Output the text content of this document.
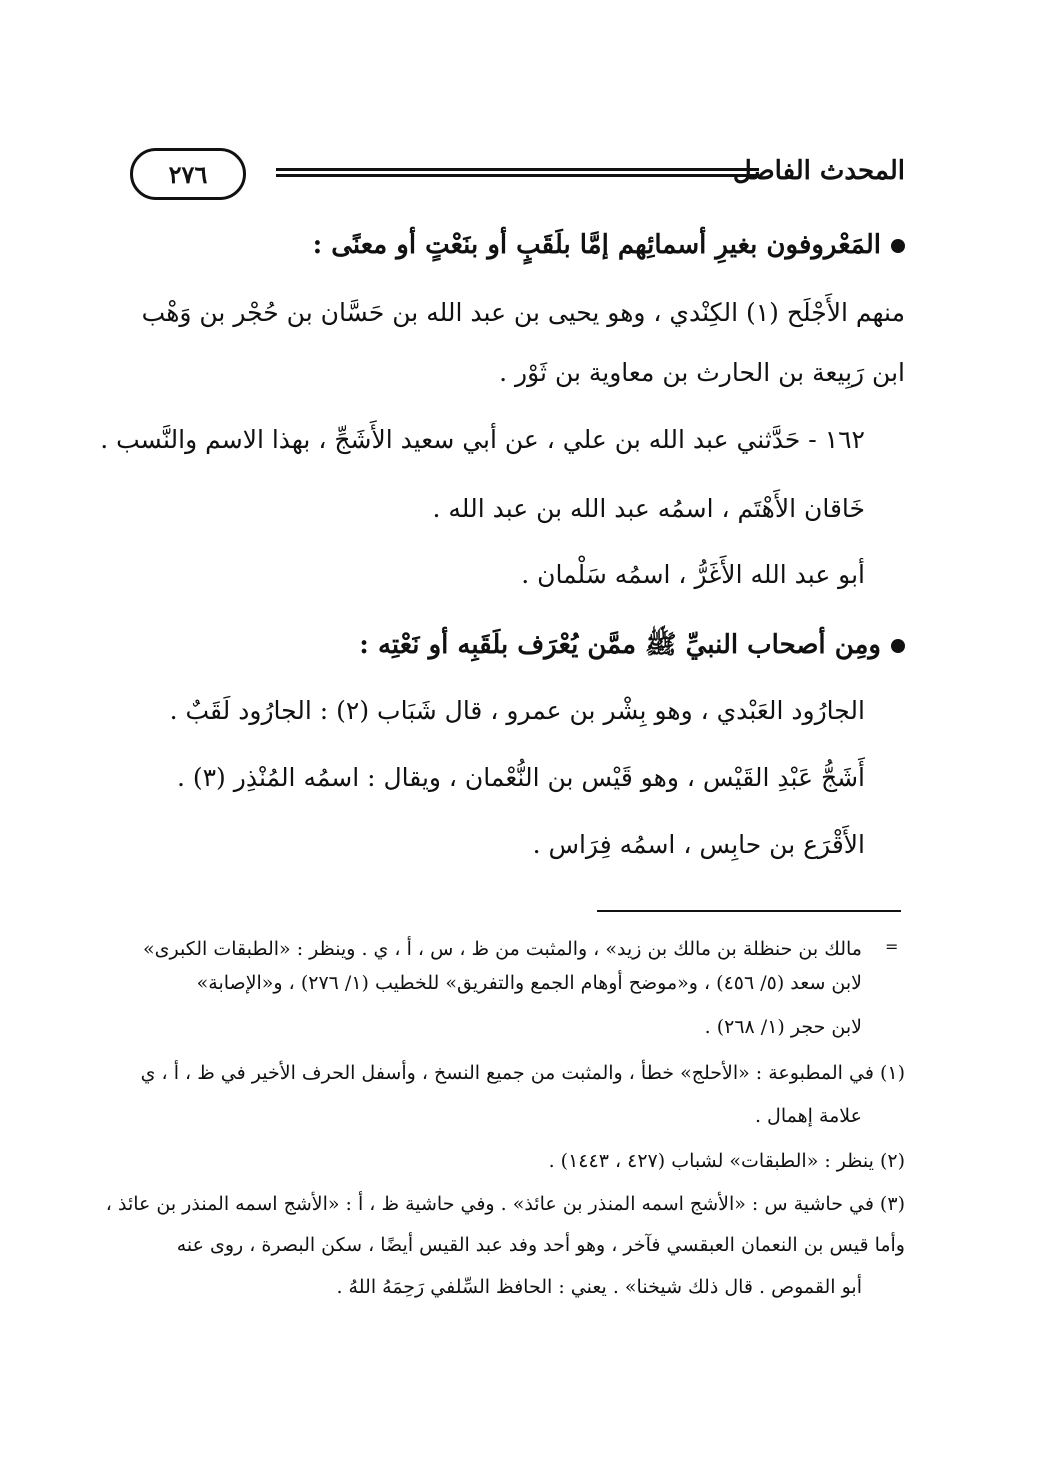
٢٧٦	المحدث الفاصل
المَعْروفون بغيرِ أسمائِهم إمَّا بلَقَبٍ أو بنَعْتٍ أو معنًى :
منهم الأَجْلَح (١) الكِنْدي ، وهو يحيى بن عبد الله بن حَسَّان بن حُجْر بن وَهْب
ابن رَبِيعة بن الحارث بن معاوية بن ثَوْر .
١٦٢ - حَدَّثني عبد الله بن علي ، عن أبي سعيد الأَشَجِّ ، بهذا الاسم والنَّسب .
خَاقان الأَهْتَم ، اسمُه عبد الله بن عبد الله .
أبو عبد الله الأَغَرُّ ، اسمُه سَلْمان .
ومِن أصحاب النبيِّ ﷺ ممَّن يُعْرَف بلَقَبِه أو نَعْتِه :
الجارُود العَبْدي ، وهو بِشْر بن عمرو ، قال شَبَاب (٢) : الجارُود لَقَبٌ .
أَشَجُّ عَبْدِ القَيْس ، وهو قَيْس بن النُّعْمان ، ويقال : اسمُه المُنْذِر (٣) .
الأَقْرَع بن حابِس ، اسمُه فِرَاس .
=
مالك بن حنظلة بن مالك بن زيد» ، والمثبت من ظ ، س ، أ ، ي . وينظر : «الطبقات الكبرى»
لابن سعد (٥/ ٤٥٦) ، و«موضح أوهام الجمع والتفريق» للخطيب (١/ ٢٧٦) ، و«الإصابة»
لابن حجر (١/ ٢٦٨) .
(١) في المطبوعة : «الأحلج» خطأ ، والمثبت من جميع النسخ ، وأسفل الحرف الأخير في ظ ، أ ، ي
علامة إهمال .
(٢) ينظر : «الطبقات» لشباب (٤٢٧ ، ١٤٤٣) .
(٣) في حاشية س : «الأشج اسمه المنذر بن عائذ» . وفي حاشية ظ ، أ : «الأشج اسمه المنذر بن عائذ ،
وأما قيس بن النعمان العبقسي فآخر ، وهو أحد وفد عبد القيس أيضًا ، سكن البصرة ، روى عنه
أبو القموص . قال ذلك شيخنا» . يعني : الحافظ السِّلفي رَحِمَهُ اللهُ .
